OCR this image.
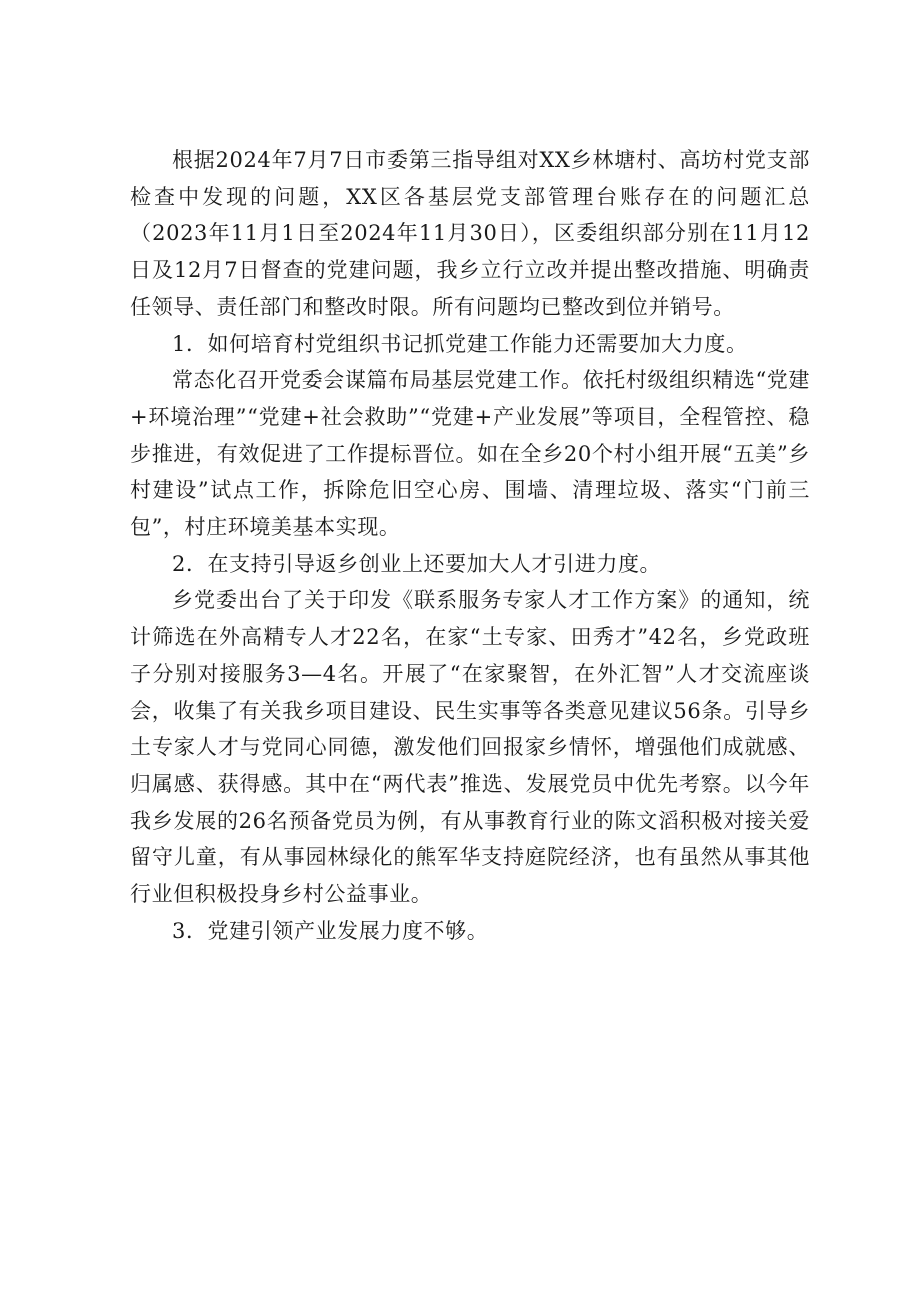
根据2024年7月7日市委第三指导组对XX乡林塘村、高坊村党支部检查中发现的问题，XX区各基层党支部管理台账存在的问题汇总（2023年11月1日至2024年11月30日），区委组织部分别在11月12日及12月7日督查的党建问题，我乡立行立改并提出整改措施、明确责任领导、责任部门和整改时限。所有问题均已整改到位并销号。

1．如何培育村党组织书记抓党建工作能力还需要加大力度。

常态化召开党委会谋篇布局基层党建工作。依托村级组织精选“党建+环境治理”“党建+社会救助”“党建+产业发展”等项目，全程管控、稳步推进，有效促进了工作提标晋位。如在全乡20个村小组开展“五美”乡村建设”试点工作，拆除危旧空心房、围墙、清理垃圾、落实“门前三包”，村庄环境美基本实现。

2．在支持引导返乡创业上还要加大人才引进力度。

乡党委出台了关于印发《联系服务专家人才工作方案》的通知，统计筛选在外高精专人才22名，在家“土专家、田秀才”42名，乡党政班子分别对接服务3—4名。开展了“在家聚智，在外汇智”人才交流座谈会，收集了有关我乡项目建设、民生实事等各类意见建议56条。引导乡土专家人才与党同心同德，激发他们回报家乡情怀，增强他们成就感、归属感、获得感。其中在“两代表”推选、发展党员中优先考察。以今年我乡发展的26名预备党员为例，有从事教育行业的陈文滔积极对接关爱留守儿童，有从事园林绿化的熊军华支持庭院经济，也有虽然从事其他行业但积极投身乡村公益事业。

3．党建引领产业发展力度不够。
